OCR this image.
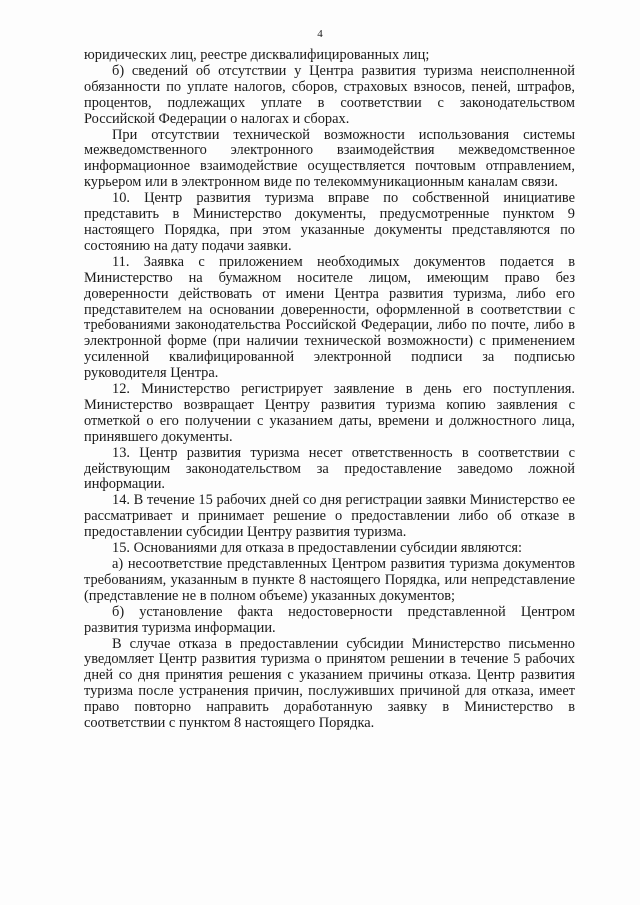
4

юридических лиц, реестре дисквалифицированных лиц;

б) сведений об отсутствии у Центра развития туризма неисполненной обязанности по уплате налогов, сборов, страховых взносов, пеней, штрафов, процентов, подлежащих уплате в соответствии с законодательством Российской Федерации о налогах и сборах.

При отсутствии технической возможности использования системы межведомственного электронного взаимодействия межведомственное информационное взаимодействие осуществляется почтовым отправлением, курьером или в электронном виде по телекоммуникационным каналам связи.

10. Центр развития туризма вправе по собственной инициативе представить в Министерство документы, предусмотренные пунктом 9 настоящего Порядка, при этом указанные документы представляются по состоянию на дату подачи заявки.

11. Заявка с приложением необходимых документов подается в Министерство на бумажном носителе лицом, имеющим право без доверенности действовать от имени Центра развития туризма, либо его представителем на основании доверенности, оформленной в соответствии с требованиями законодательства Российской Федерации, либо по почте, либо в электронной форме (при наличии технической возможности) с применением усиленной квалифицированной электронной подписи за подписью руководителя Центра.

12. Министерство регистрирует заявление в день его поступления. Министерство возвращает Центру развития туризма копию заявления с отметкой о его получении с указанием даты, времени и должностного лица, принявшего документы.

13. Центр развития туризма несет ответственность в соответствии с действующим законодательством за предоставление заведомо ложной информации.

14. В течение 15 рабочих дней со дня регистрации заявки Министерство ее рассматривает и принимает решение о предоставлении либо об отказе в предоставлении субсидии Центру развития туризма.

15. Основаниями для отказа в предоставлении субсидии являются:

а) несоответствие представленных Центром развития туризма документов требованиям, указанным в пункте 8 настоящего Порядка, или непредставление (представление не в полном объеме) указанных документов;

б) установление факта недостоверности представленной Центром развития туризма информации.

В случае отказа в предоставлении субсидии Министерство письменно уведомляет Центр развития туризма о принятом решении в течение 5 рабочих дней со дня принятия решения с указанием причины отказа. Центр развития туризма после устранения причин, послуживших причиной для отказа, имеет право повторно направить доработанную заявку в Министерство в соответствии с пунктом 8 настоящего Порядка.
